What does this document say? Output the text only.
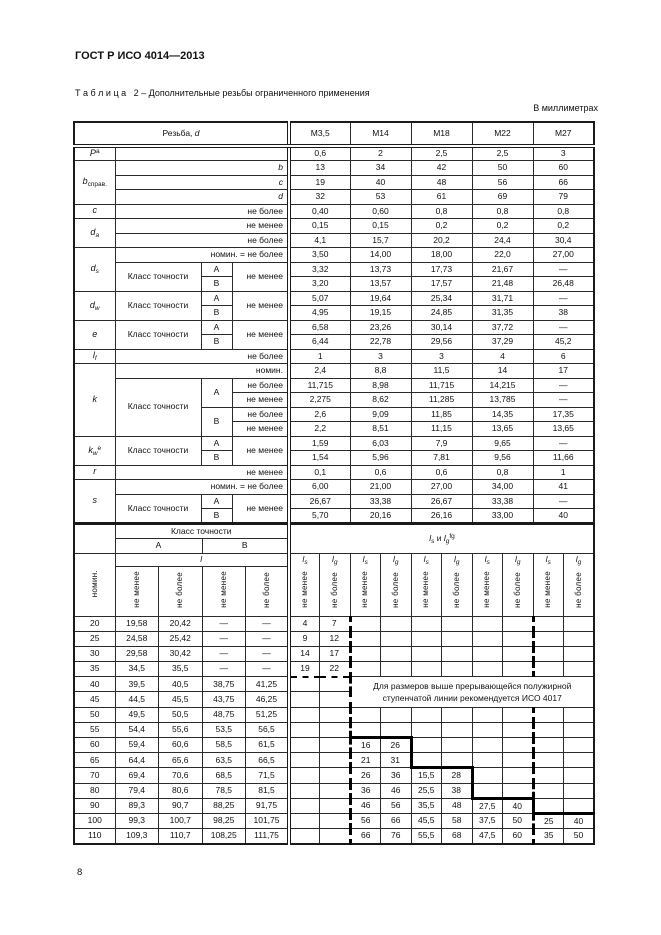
ГОСТ Р ИСО 4014—2013
Т а б л и ц а   2 – Дополнительные резьбы ограниченного применения
В миллиметрах
Резьба, d				М3,5	М14	М18	М22	М27
$P^a$				0,6	2	2,5	2,5	3
$b_{справ.}$	b			13	34	42	50	60
	c			19	40	48	56	66
	d			32	53	61	69	79
c	не более			0,40	0,60	0,8	0,8	0,8
$d_a$	не менее			0,15	0,15	0,2	0,2	0,2
	не более			4,1	15,7	20,2	24,4	30,4
$d_s$	номин. = не более			3,50	14,00	18,00	22,0	27,00
	Класс точности	А	не менее	3,32	13,73	17,73	21,67	—
		В		3,20	13,57	17,57	21,48	26,48
$d_w$	Класс точности	А	не менее	5,07	19,64	25,34	31,71	—
		В		4,95	19,15	24,85	31,35	38
e	Класс точности	А	не менее	6,58	23,26	30,14	37,72	—
		В		6,44	22,78	29,56	37,29	45,2
$l_f$	не более			1	3	3	4	6
k	номин.			2,4	8,8	11,5	14	17
	Класс точности	А	не более	11,715	8,98	11,715	14,215	—
			не менее	2,275	8,62	11,285	13,785	—
		В	не более	2,6	9,09	11,85	14,35	17,35
			не менее	2,2	8,51	11,15	13,65	13,65
$k_w^e$	Класс точности	А	не менее	1,59	6,03	7,9	9,65	—
		В		1,54	5,96	7,81	9,56	11,66
r	не менее			0,1	0,6	0,6	0,8	1
s	номин. = не более			6,00	21,00	27,00	34,00	41
	Класс точности	А	не менее	26,67	33,38	26,67	33,38	—
		В		5,70	20,16	26,16	33,00	40
	Класс точности				$l_s$ и $l_g^{fg}$
	А		В											
номин.	l				$l_s$	$l_g$	$l_s$	$l_g$	$l_s$	$l_g$	$l_s$	$l_g$	$l_s$	$l_g$
	не менее	не более	не менее	не более	не менее	не более	не менее	не более	не менее	не более	не менее	не более	не менее	не более
20	19,58	20,42	—	—	4	7								
25	24,58	25,42	—	—	9	12								
30	29,58	30,42	—	—	14	17								
35	34,5	35,5	—	—	19	22								
40	39,5	40,5	38,75	41,25			Для размеров выше прерывающейся полужирной
ступенчатой линии рекомендуется ИСО 4017							

45	44,5	45,5	43,75	46,25										
50	49,5	50,5	48,75	51,25										
55	54,4	55,6	53,5	56,5										
60	59,4	60,6	58,5	61,5			16	26						
65	64,4	65,6	63,5	66,5			21	31						
70	69,4	70,6	68,5	71,5			26	36	15,5	28				
80	79,4	80,6	78,5	81,5			36	46	25,5	38				
90	89,3	90,7	88,25	91,75			46	56	35,5	48	27,5	40		
100	99,3	100,7	98,25	101,75			56	66	45,5	58	37,5	50	25	40
110	109,3	110,7	108,25	111,75			66	76	55,5	68	47,5	60	35	50
8
